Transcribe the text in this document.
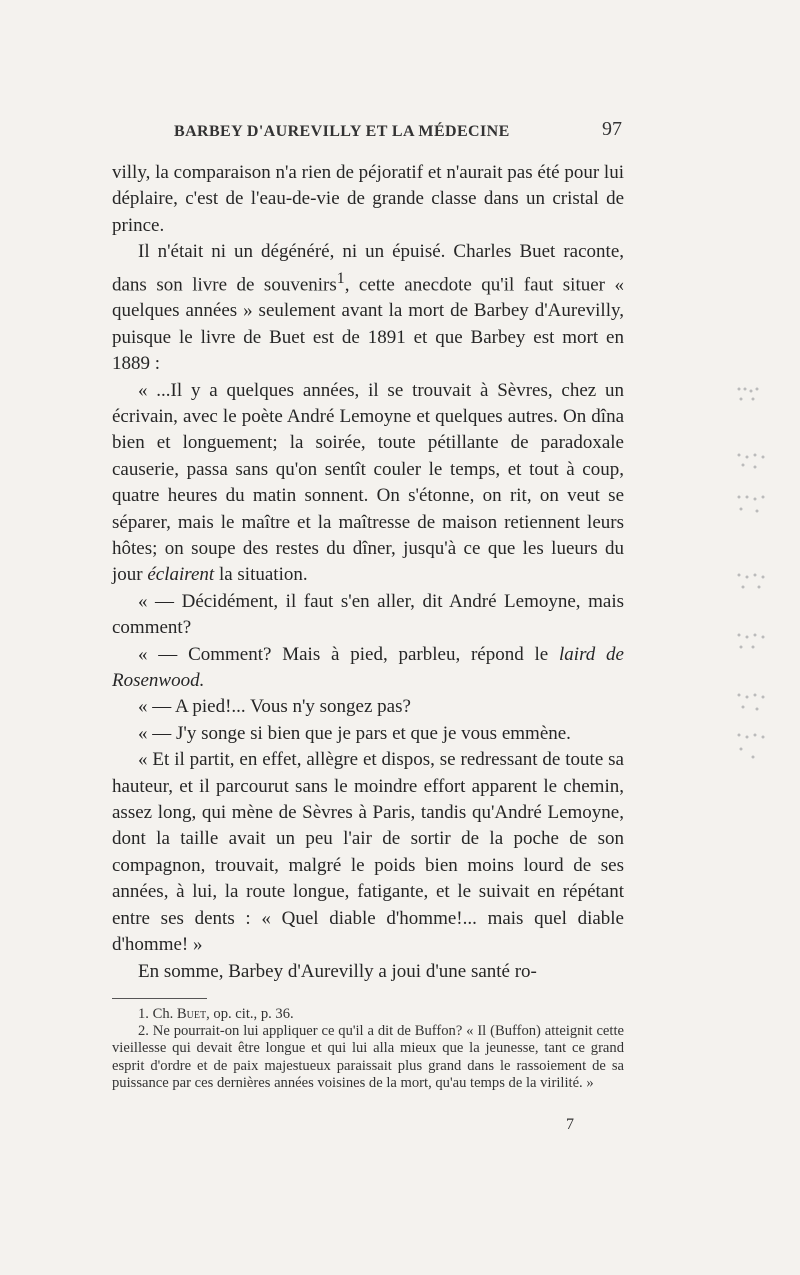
BARBEY D'AUREVILLY ET LA MÉDECINE	97

villy, la comparaison n'a rien de péjoratif et n'aurait pas été pour lui déplaire, c'est de l'eau-de-vie de grande classe dans un cristal de prince.

Il n'était ni un dégénéré, ni un épuisé. Charles Buet raconte, dans son livre de souvenirs$^1$, cette anecdote qu'il faut situer « quelques années » seulement avant la mort de Barbey d'Aurevilly, puisque le livre de Buet est de 1891 et que Barbey est mort en 1889 :

« ...Il y a quelques années, il se trouvait à Sèvres, chez un écrivain, avec le poète André Lemoyne et quelques autres. On dîna bien et longuement; la soirée, toute pétillante de paradoxale causerie, passa sans qu'on sentît couler le temps, et tout à coup, quatre heures du matin sonnent. On s'étonne, on rit, on veut se séparer, mais le maître et la maîtresse de maison retiennent leurs hôtes; on soupe des restes du dîner, jusqu'à ce que les lueurs du jour éclairent la situation.

« — Décidément, il faut s'en aller, dit André Lemoyne, mais comment?

« — Comment? Mais à pied, parbleu, répond le laird de Rosenwood.

« — A pied!... Vous n'y songez pas?

« — J'y songe si bien que je pars et que je vous emmène.

« Et il partit, en effet, allègre et dispos, se redressant de toute sa hauteur, et il parcourut sans le moindre effort apparent le chemin, assez long, qui mène de Sèvres à Paris, tandis qu'André Lemoyne, dont la taille avait un peu l'air de sortir de la poche de son compagnon, trouvait, malgré le poids bien moins lourd de ses années, à lui, la route longue, fatigante, et le suivait en répétant entre ses dents : « Quel diable d'homme!... mais quel diable d'homme! »

En somme, Barbey d'Aurevilly a joui d'une santé ro-

1. Ch. Buet, op. cit., p. 36.

2. Ne pourrait-on lui appliquer ce qu'il a dit de Buffon? « Il (Buffon) atteignit cette vieillesse qui devait être longue et qui lui alla mieux que la jeunesse, tant ce grand esprit d'ordre et de paix majestueux paraissait plus grand dans le rassoiement de sa puissance par ces dernières années voisines de la mort, qu'au temps de la virilité. »

7
